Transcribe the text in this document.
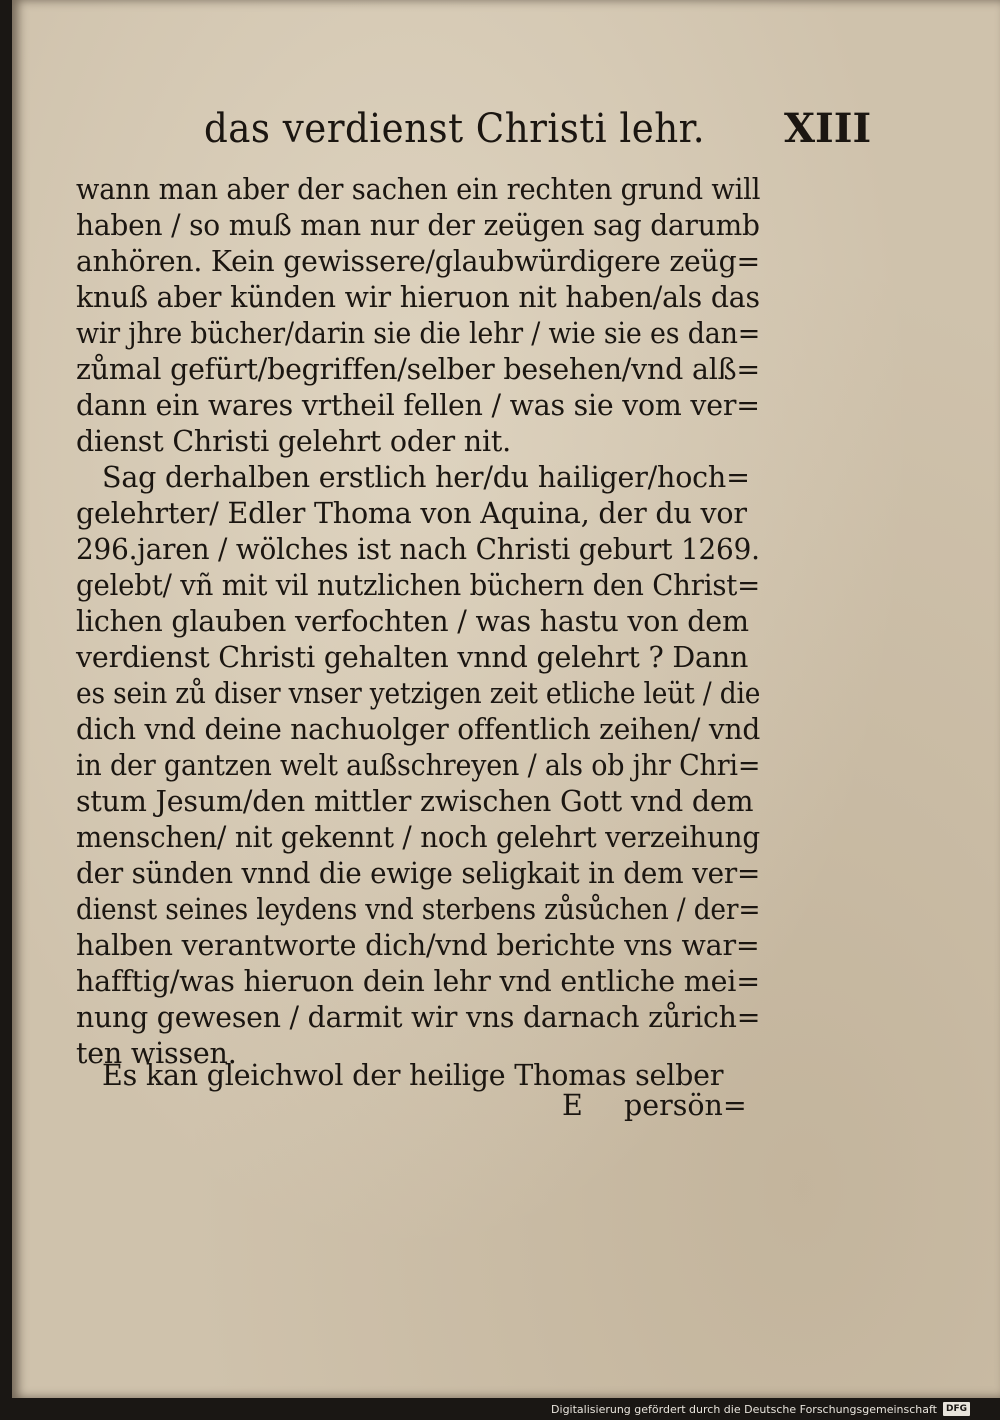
das verdienst Christi lehr. XIII
wann man aber der sachen ein rechten grund will
haben / so muß man nur der zeügen sag darumb
anhören. Kein gewissere/glaubwürdigere zeüg=
knuß aber künden wir hieruon nit haben/als das
wir jhre bücher/darin sie die lehr / wie sie es dan=
zůmal gefürt/begriffen/selber besehen/vnd alß=
dann ein wares vrtheil fellen / was sie vom ver=
dienst Christi gelehrt oder nit.
Sag derhalben erstlich her/du hailiger/hoch=
gelehrter/ Edler Thoma von Aquina, der du vor
296.jaren / wölches ist nach Christi geburt 1269.
gelebt/ vñ mit vil nutzlichen büchern den Christ=
lichen glauben verfochten / was hastu von dem
verdienst Christi gehalten vnnd gelehrt ? Dann
es sein zů diser vnser yetzigen zeit etliche leüt / die
dich vnd deine nachuolger offentlich zeihen/ vnd
in der gantzen welt außschreyen / als ob jhr Chri=
stum Jesum/den mittler zwischen Gott vnd dem
menschen/ nit gekennt / noch gelehrt verzeihung
der sünden vnnd die ewige seligkait in dem ver=
dienst seines leydens vnd sterbens zůsůchen / der=
halben verantworte dich/vnd berichte vns war=
hafftig/was hieruon dein lehr vnd entliche mei=
nung gewesen / darmit wir vns darnach zůrich=
ten wissen.
Es kan gleichwol der heilige Thomas selber
E persön=
Digitalisierung gefördert durch die Deutsche Forschungsgemeinschaft	DFG
